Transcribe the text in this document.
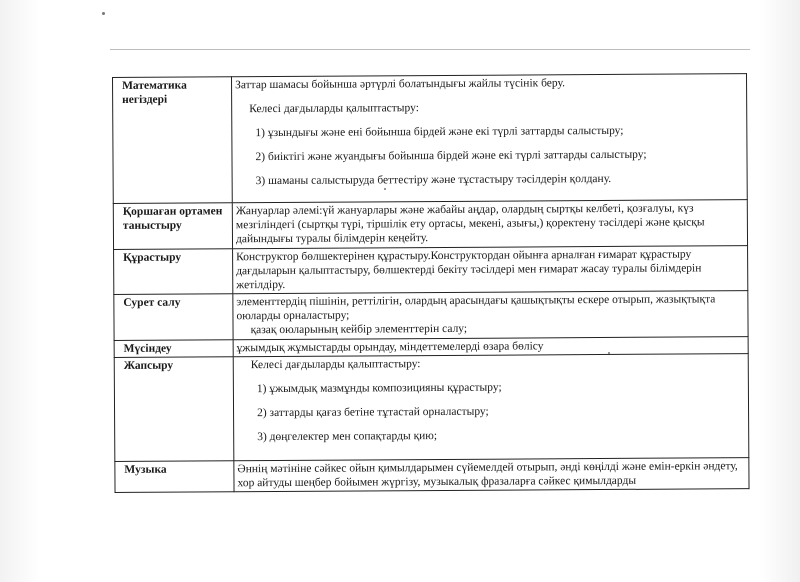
Математика негіздері	Заттар шамасы бойынша әртүрлі болатындығы жайлы түсінік беру.

Келесі дағдыларды қалыптастыру:

1) ұзындығы және ені бойынша бірдей және екі түрлі заттарды салыстыру;

2) биіктігі және жуандығы бойынша бірдей және екі түрлі заттарды салыстыру;

3) шаманы салыстыруда беттестіру және тұстастыру тәсілдерін қолдану.

Қоршаған ортамен таныстыру	Жануарлар әлемі:үй жануарлары және жабайы аңдар, олардың сыртқы келбеті, қозғалуы, күз мезгіліндегі (сыртқы түрі, тіршілік ету ортасы, мекені, азығы,) қоректену тәсілдері және қысқы дайындығы туралы білімдерін кеңейту.

Құрастыру	Конструктор бөлшектерінен құрастыру.Конструктордан ойынға арналған ғимарат құрастыру дағдыларын қалыптастыру, бөлшектерді бекіту тәсілдері мен ғимарат жасау туралы білімдерін жетілдіру.

Сурет салу	элементтердің пішінін, реттілігін, олардың арасындағы қашықтықты ескере отырып, жазықтықта оюларды орналастыру;

қазақ оюларының кейбір элементтерін салу;

Мүсіндеу	ұжымдық жұмыстарды орындау, міндеттемелерді өзара бөлісу

Жапсыру	Келесі дағдыларды қалыптастыру:

1) ұжымдық мазмұнды композицияны құрастыру;

2) заттарды қағаз бетіне тұтастай орналастыру;

3) дөңгелектер мен сопақтарды қию;

Музыка	Әннің мәтініне сәйкес ойын қимылдарымен сүйемелдей отырып, әнді көңілді және емін-еркін әндету, хор айтуды шеңбер бойымен жүргізу, музыкалық фразаларға сәйкес қимылдарды
